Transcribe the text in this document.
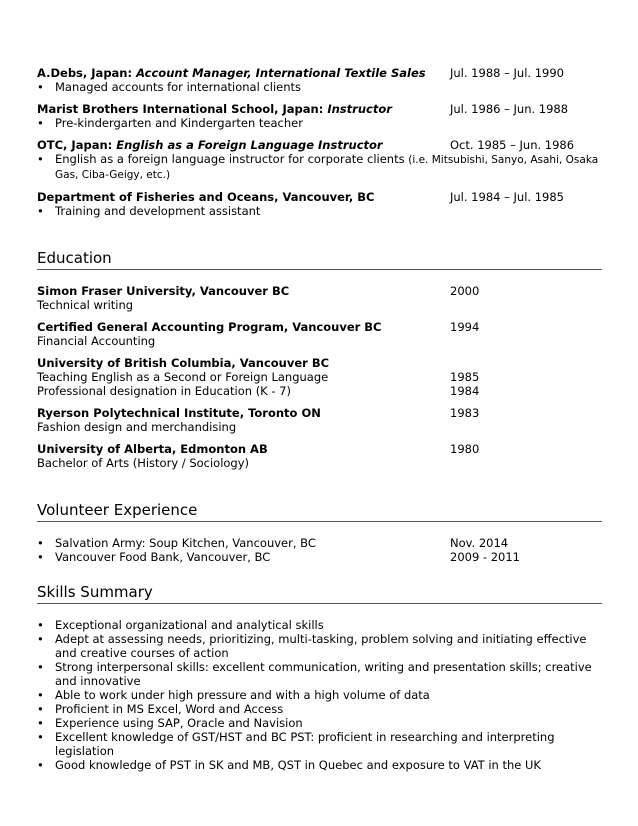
A.Debs, Japan: Account Manager, International Textile Sales	Jul. 1988 – Jul. 1990
• Managed accounts for international clients
Marist Brothers International School, Japan: Instructor	Jul. 1986 – Jun. 1988
• Pre-kindergarten and Kindergarten teacher
OTC, Japan: English as a Foreign Language Instructor	Oct. 1985 – Jun. 1986
• English as a foreign language instructor for corporate clients (i.e. Mitsubishi, Sanyo, Asahi, Osaka Gas, Ciba-Geigy, etc.)
Department of Fisheries and Oceans, Vancouver, BC	Jul. 1984 – Jul. 1985
• Training and development assistant
Education
Simon Fraser University, Vancouver BC	2000
Technical writing
Certified General Accounting Program, Vancouver BC	1994
Financial Accounting
University of British Columbia, Vancouver BC
Teaching English as a Second or Foreign Language	1985
Professional designation in Education (K - 7)	1984
Ryerson Polytechnical Institute, Toronto ON	1983
Fashion design and merchandising
University of Alberta, Edmonton AB	1980
Bachelor of Arts (History / Sociology)
Volunteer Experience
• Salvation Army: Soup Kitchen, Vancouver, BC	Nov. 2014
• Vancouver Food Bank, Vancouver, BC	2009 - 2011
Skills Summary
• Exceptional organizational and analytical skills
• Adept at assessing needs, prioritizing, multi-tasking, problem solving and initiating effective and creative courses of action
• Strong interpersonal skills: excellent communication, writing and presentation skills; creative and innovative
• Able to work under high pressure and with a high volume of data
• Proficient in MS Excel, Word and Access
• Experience using SAP, Oracle and Navision
• Excellent knowledge of GST/HST and BC PST: proficient in researching and interpreting legislation
• Good knowledge of PST in SK and MB, QST in Quebec and exposure to VAT in the UK
